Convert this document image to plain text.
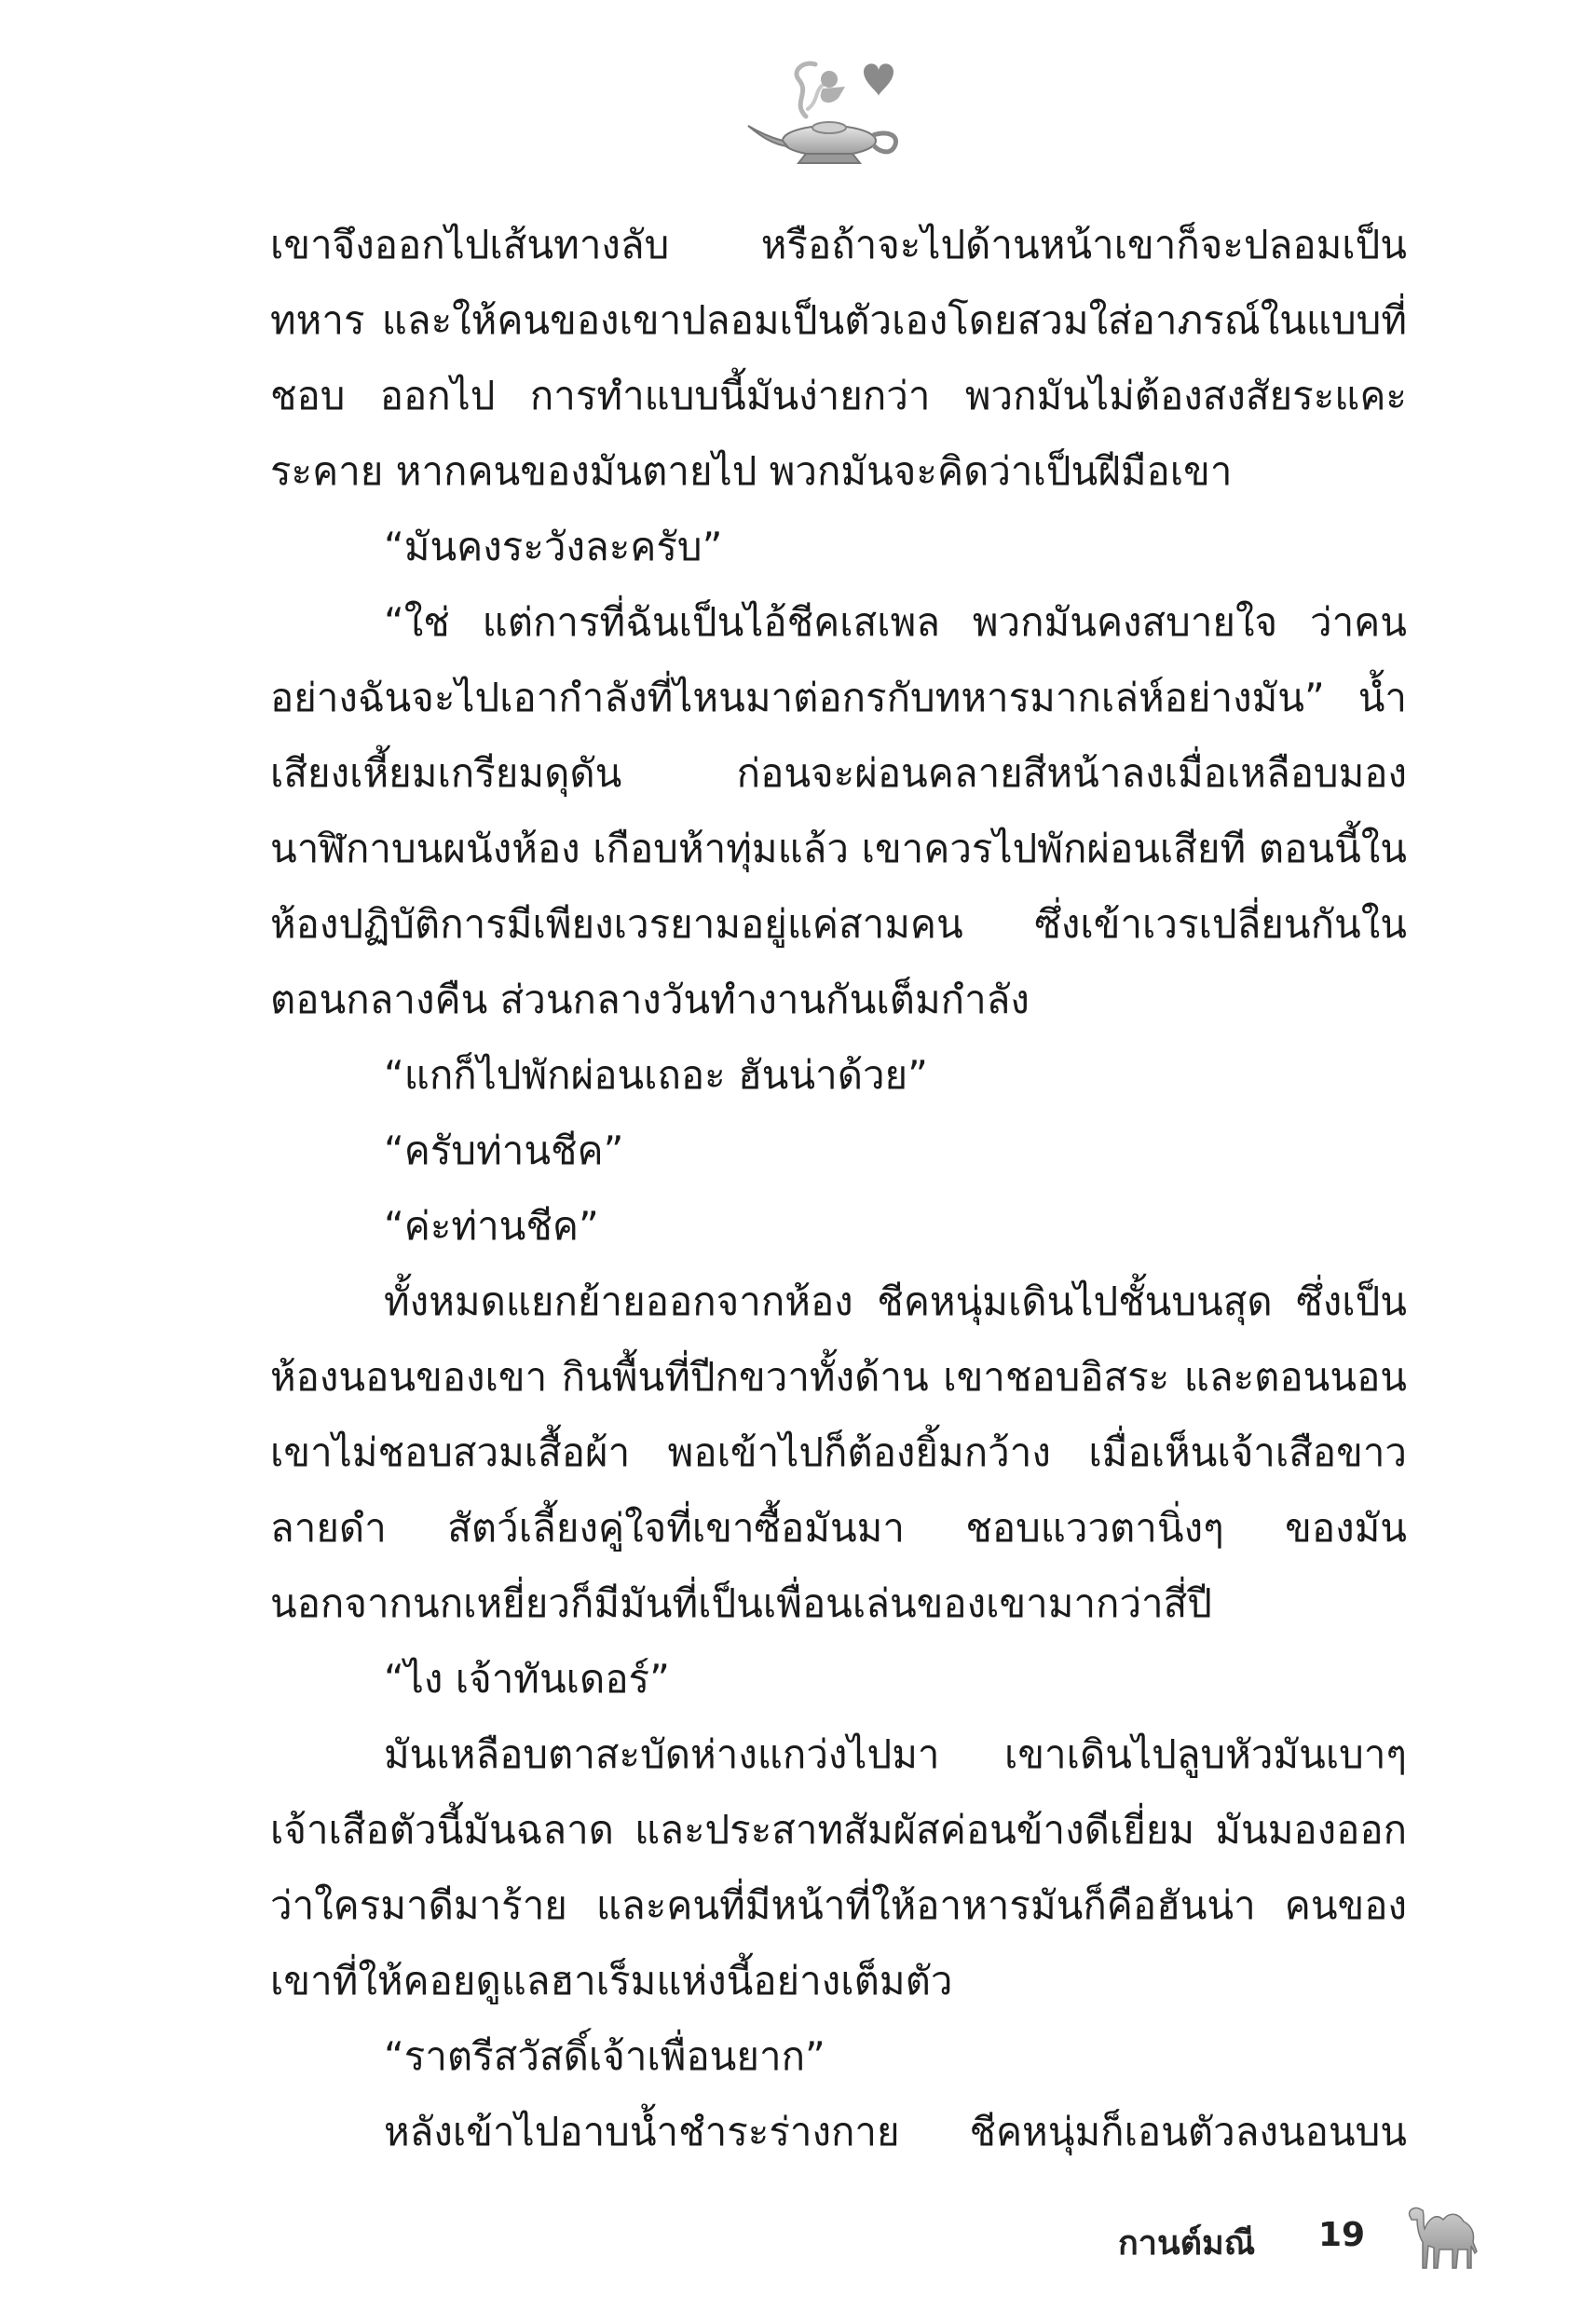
เขาจึงออกไปเส้นทางลับ หรือถ้าจะไปด้านหน้าเขาก็จะปลอมเป็นทหาร และให้คนของเขาปลอมเป็นตัวเองโดยสวมใส่อาภรณ์ในแบบที่ชอบ ออกไป การทำแบบนี้มันง่ายกว่า พวกมันไม่ต้องสงสัยระแคะระคาย หากคนของมันตายไป พวกมันจะคิดว่าเป็นฝีมือเขา

“มันคงระวังละครับ”

“ใช่ แต่การที่ฉันเป็นไอ้ชีคเสเพล พวกมันคงสบายใจ ว่าคนอย่างฉันจะไปเอากำลังที่ไหนมาต่อกรกับทหารมากเล่ห์อย่างมัน” น้ำเสียงเหี้ยมเกรียมดุดัน ก่อนจะผ่อนคลายสีหน้าลงเมื่อเหลือบมองนาฬิกาบนผนังห้อง เกือบห้าทุ่มแล้ว เขาควรไปพักผ่อนเสียที ตอนนี้ในห้องปฏิบัติการมีเพียงเวรยามอยู่แค่สามคน ซึ่งเข้าเวรเปลี่ยนกันในตอนกลางคืน ส่วนกลางวันทำงานกันเต็มกำลัง

“แกก็ไปพักผ่อนเถอะ ฮันน่าด้วย”

“ครับท่านชีค”

“ค่ะท่านชีค”

ทั้งหมดแยกย้ายออกจากห้อง ชีคหนุ่มเดินไปชั้นบนสุด ซึ่งเป็นห้องนอนของเขา กินพื้นที่ปีกขวาทั้งด้าน เขาชอบอิสระ และตอนนอนเขาไม่ชอบสวมเสื้อผ้า พอเข้าไปก็ต้องยิ้มกว้าง เมื่อเห็นเจ้าเสือขาวลายดำ สัตว์เลี้ยงคู่ใจที่เขาซื้อมันมา ชอบแววตานิ่งๆ ของมัน นอกจากนกเหยี่ยวก็มีมันที่เป็นเพื่อนเล่นของเขามากว่าสี่ปี

“ไง เจ้าทันเดอร์”

มันเหลือบตาสะบัดห่างแกว่งไปมา เขาเดินไปลูบหัวมันเบาๆ เจ้าเสือตัวนี้มันฉลาด และประสาทสัมผัสค่อนข้างดีเยี่ยม มันมองออกว่าใครมาดีมาร้าย และคนที่มีหน้าที่ให้อาหารมันก็คือฮันน่า คนของเขาที่ให้คอยดูแลฮาเร็มแห่งนี้อย่างเต็มตัว

“ราตรีสวัสดิ์เจ้าเพื่อนยาก”

หลังเข้าไปอาบน้ำชำระร่างกาย ชีคหนุ่มก็เอนตัวลงนอนบน

กานต์มณี 19
